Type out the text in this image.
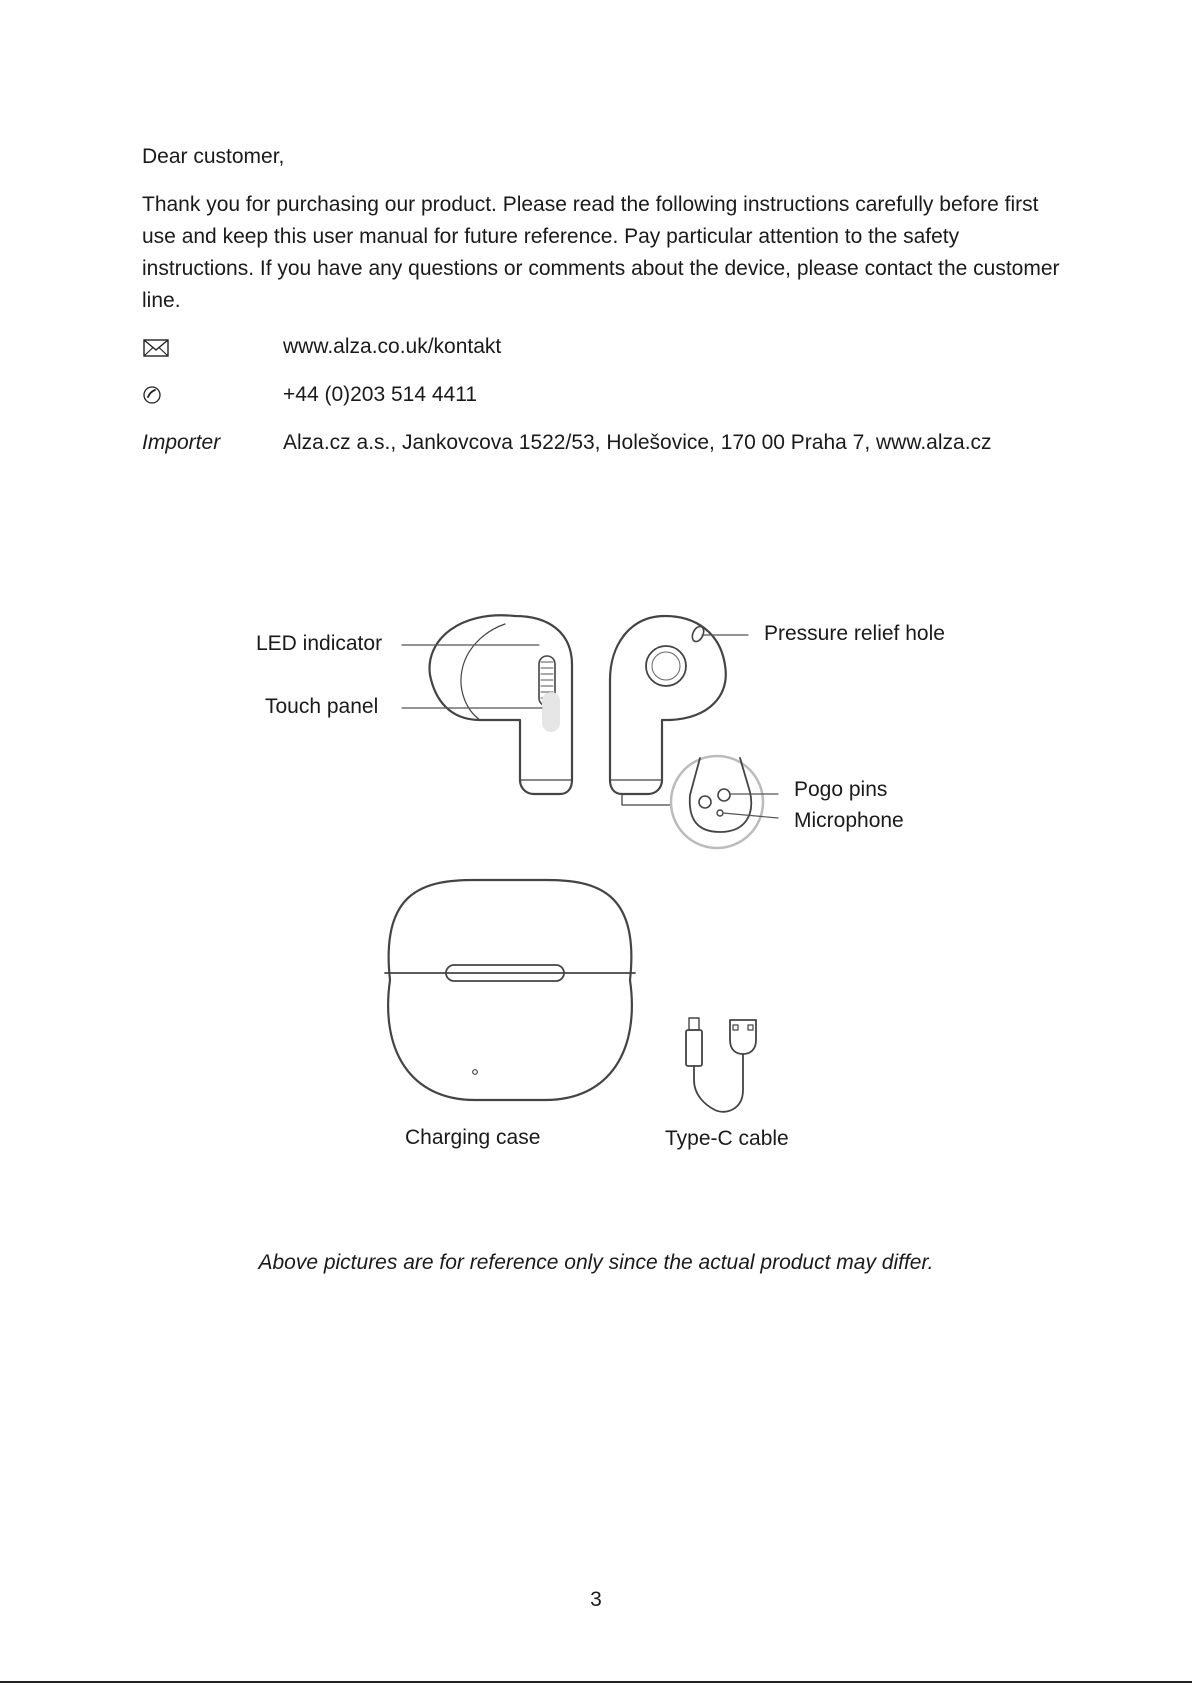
Dear customer,
Thank you for purchasing our product. Please read the following instructions carefully before first use and keep this user manual for future reference. Pay particular attention to the safety instructions. If you have any questions or comments about the device, please contact the customer line.
www.alza.co.uk/kontakt
+44 (0)203 514 4411
Importer	Alza.cz a.s., Jankovcova 1522/53, Holešovice, 170 00 Praha 7, www.alza.cz
LED indicator
Touch panel
Pressure relief hole
Pogo pins
Microphone
Charging case	Type-C cable
Above pictures are for reference only since the actual product may differ.
3
